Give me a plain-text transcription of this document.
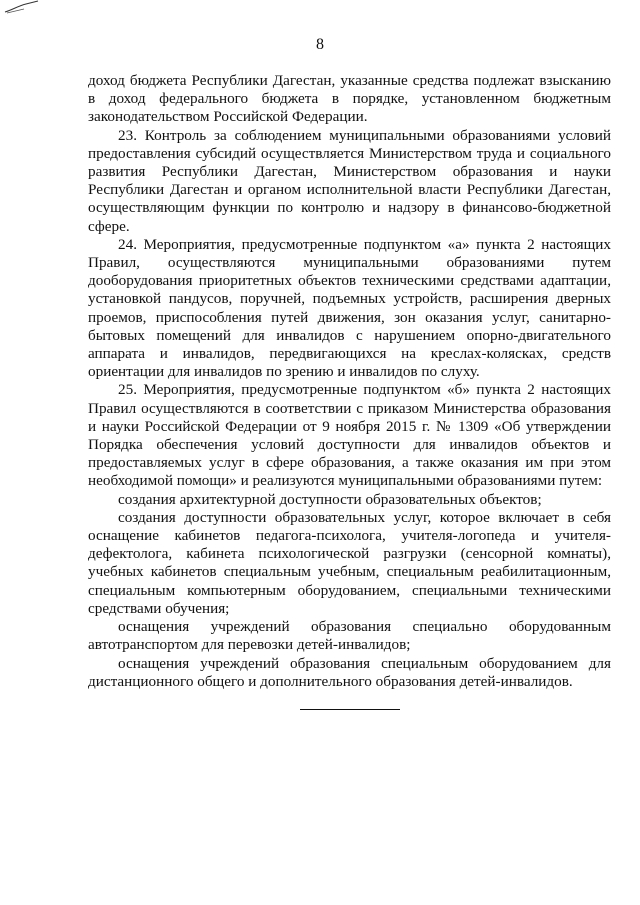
8

доход бюджета Республики Дагестан, указанные средства подлежат взысканию в доход федерального бюджета в порядке, установленном бюджетным законодательством Российской Федерации.

23. Контроль за соблюдением муниципальными образованиями условий предоставления субсидий осуществляется Министерством труда и социального развития Республики Дагестан, Министерством образования и науки Республики Дагестан и органом исполнительной власти Республики Дагестан, осуществляющим функции по контролю и надзору в финансово-бюджетной сфере.

24. Мероприятия, предусмотренные подпунктом «а» пункта 2 настоящих Правил, осуществляются муниципальными образованиями путем дооборудования приоритетных объектов техническими средствами адаптации, установкой пандусов, поручней, подъемных устройств, расширения дверных проемов, приспособления путей движения, зон оказания услуг, санитарно-бытовых помещений для инвалидов с нарушением опорно-двигательного аппарата и инвалидов, передвигающихся на креслах-колясках, средств ориентации для инвалидов по зрению и инвалидов по слуху.

25. Мероприятия, предусмотренные подпунктом «б» пункта 2 настоящих Правил осуществляются в соответствии с приказом Министерства образования и науки Российской Федерации от 9 ноября 2015 г. № 1309 «Об утверждении Порядка обеспечения условий доступности для инвалидов объектов и предоставляемых услуг в сфере образования, а также оказания им при этом необходимой помощи» и реализуются муниципальными образованиями путем:

создания архитектурной доступности образовательных объектов;

создания доступности образовательных услуг, которое включает в себя оснащение кабинетов педагога-психолога, учителя-логопеда и учителя-дефектолога, кабинета психологической разгрузки (сенсорной комнаты), учебных кабинетов специальным учебным, специальным реабилитационным, специальным компьютерным оборудованием, специальными техническими средствами обучения;

оснащения учреждений образования специально оборудованным автотранспортом для перевозки детей-инвалидов;

оснащения учреждений образования специальным оборудованием для дистанционного общего и дополнительного образования детей-инвалидов.
